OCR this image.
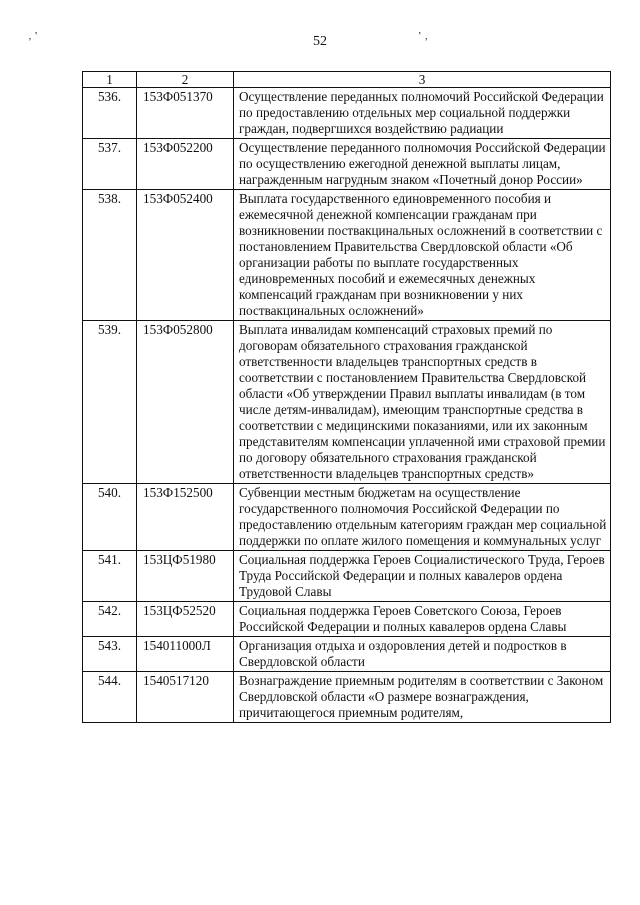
‚ ‛	‛ ‚
52
1	2	3
536.	153Ф051370	Осуществление переданных полномочий Российской Федерации по предоставлению отдельных мер социальной поддержки граждан, подвергшихся воздействию радиации
537.	153Ф052200	Осуществление переданного полномочия Российской Федерации по осуществлению ежегодной денежной выплаты лицам, награжденным нагрудным знаком «Почетный донор России»
538.	153Ф052400	Выплата государственного единовременного пособия и ежемесячной денежной компенсации гражданам при возникновении поствакцинальных осложнений в соответствии с постановлением Правительства Свердловской области «Об организации работы по выплате государственных единовременных пособий и ежемесячных денежных компенсаций гражданам при возникновении у них поствакцинальных осложнений»
539.	153Ф052800	Выплата инвалидам компенсаций страховых премий по договорам обязательного страхования гражданской ответственности владельцев транспортных средств в соответствии с постановлением Правительства Свердловской области «Об утверждении Правил выплаты инвалидам (в том числе детям-инвалидам), имеющим транспортные средства в соответствии с медицинскими показаниями, или их законным представителям компенсации уплаченной ими страховой премии по договору обязательного страхования гражданской ответственности владельцев транспортных средств»
540.	153Ф152500	Субвенции местным бюджетам на осуществление государственного полномочия Российской Федерации по предоставлению отдельным категориям граждан мер социальной поддержки по оплате жилого помещения и коммунальных услуг
541.	153ЦФ51980	Социальная поддержка Героев Социалистического Труда, Героев Труда Российской Федерации и полных кавалеров ордена Трудовой Славы
542.	153ЦФ52520	Социальная поддержка Героев Советского Союза, Героев Российской Федерации и полных кавалеров ордена Славы
543.	154011000Л	Организация отдыха и оздоровления детей и подростков в Свердловской области
544.	1540517120	Вознаграждение приемным родителям в соответствии с Законом Свердловской области «О размере вознаграждения, причитающегося приемным родителям,
